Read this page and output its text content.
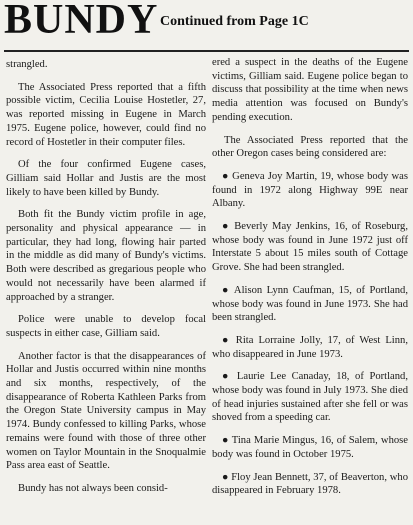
BUNDY Continued from Page 1C

strangled.

The Associated Press reported that a fifth possible victim, Cecilia Louise Hostetler, 27, was reported missing in Eugene in March 1975. Eugene police, however, could find no record of Hostetler in their computer files.

Of the four confirmed Eugene cases, Gilliam said Hollar and Justis are the most likely to have been killed by Bundy.

Both fit the Bundy victim profile in age, personality and physical appearance — in particular, they had long, flowing hair parted in the middle as did many of Bundy's victims. Both were described as gregarious people who would not necessarily have been alarmed if approached by a stranger.

Police were unable to develop focal suspects in either case, Gilliam said.

Another factor is that the disappearances of Hollar and Justis occurred within nine months and six months, respectively, of the disappearance of Roberta Kathleen Parks from the Oregon State University campus in May 1974. Bundy confessed to killing Parks, whose remains were found with those of three other women on Taylor Mountain in the Snoqualmie Pass area east of Seattle.

Bundy has not always been consid-

ered a suspect in the deaths of the Eugene victims, Gilliam said. Eugene police began to discuss that possibility at the time when news media attention was focused on Bundy's pending execution.

The Associated Press reported that the other Oregon cases being considered are:

● Geneva Joy Martin, 19, whose body was found in 1972 along Highway 99E near Albany.

● Beverly May Jenkins, 16, of Roseburg, whose body was found in June 1972 just off Interstate 5 about 15 miles south of Cottage Grove. She had been strangled.

● Alison Lynn Caufman, 15, of Portland, whose body was found in June 1973. She had been strangled.

● Rita Lorraine Jolly, 17, of West Linn, who disappeared in June 1973.

● Laurie Lee Canaday, 18, of Portland, whose body was found in July 1973. She died of head injuries sustained after she fell or was shoved from a speeding car.

● Tina Marie Mingus, 16, of Salem, whose body was found in October 1975.

● Floy Jean Bennett, 37, of Beaverton, who disappeared in February 1978.
